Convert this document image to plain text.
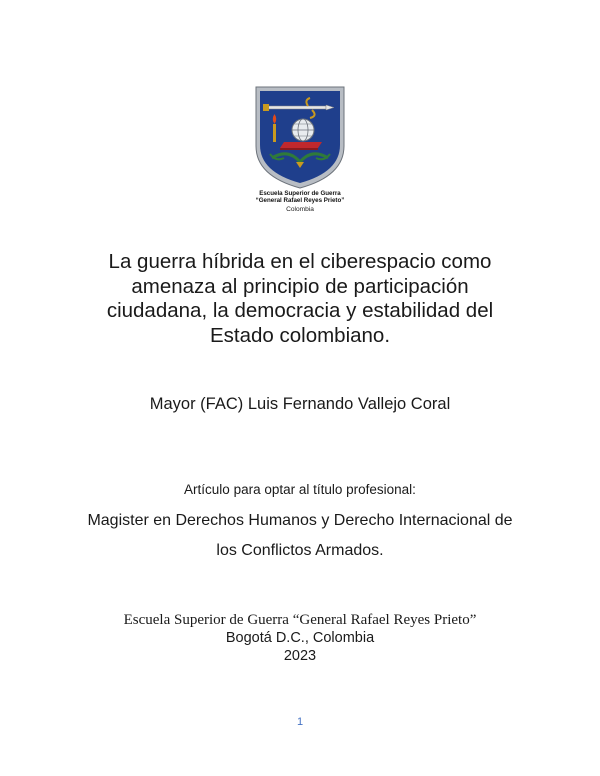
Escuela Superior de Guerra
“General Rafael Reyes Prieto”
Colombia
La guerra híbrida en el ciberespacio como
amenaza al principio de participación
ciudadana, la democracia y estabilidad del
Estado colombiano.
Mayor (FAC) Luis Fernando Vallejo Coral
Artículo para optar al título profesional:
Magister en Derechos Humanos y Derecho Internacional de
los Conflictos Armados.
Escuela Superior de Guerra “General Rafael Reyes Prieto”
Bogotá D.C., Colombia
2023
1
